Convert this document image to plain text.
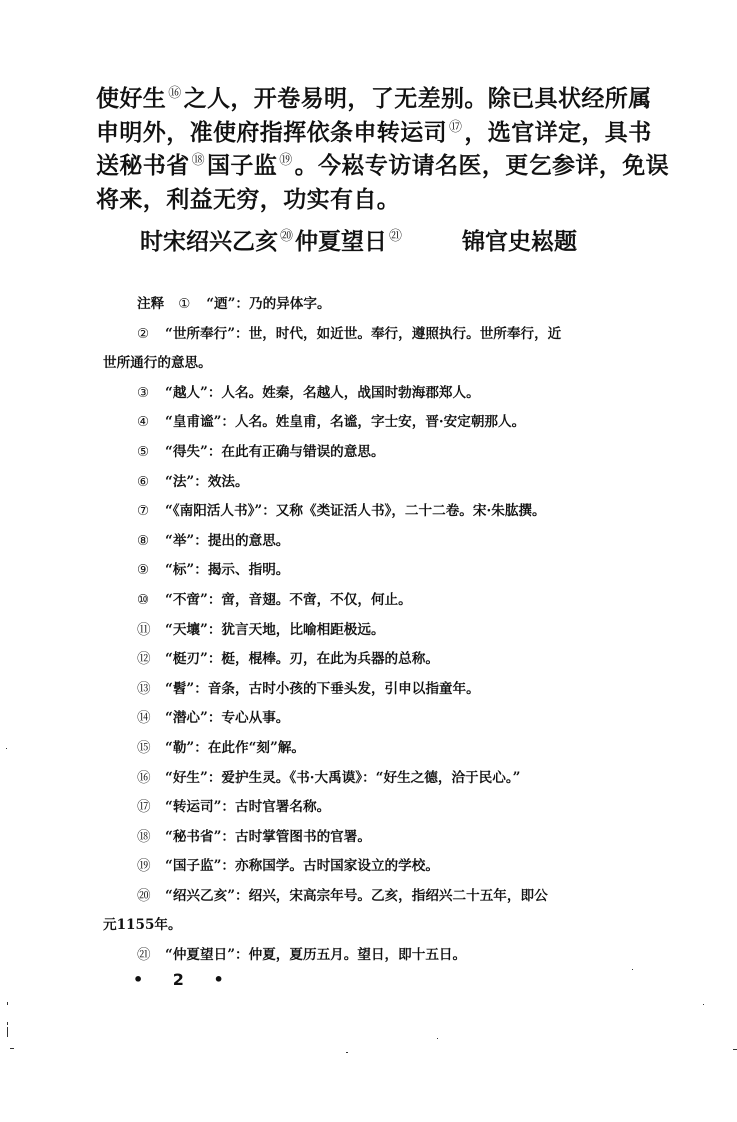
使好生 ⑯之人，开卷易明，了无差别。除已具状经所属
申明外，准使府指挥依条申转运司 ⑰，选官详定，具书
送秘书省 ⑱国子监 ⑲。今崧专访请名医，更乞参详，免误
将来，利益无穷，功实有自。
时宋绍兴乙亥 ⑳仲夏望日 $^㉑$	锦官史崧题
注释 ① “迺”：乃的异体字。
② “世所奉行”：世，时代，如近世。奉行，遵照执行。世所奉行，近
世所通行的意思。
③ “越人”：人名。姓秦，名越人，战国时勃海郡郑人。
④ “皇甫谧”：人名。姓皇甫，名谧，字士安，晋·安定朝那人。
⑤ “得失”：在此有正确与错误的意思。
⑥ “法”：效法。
⑦ “《南阳活人书》”：又称《类证活人书》，二十二卷。宋·朱肱撰。
⑧ “举”：提出的意思。
⑨ “标”：揭示、指明。
⑩ “不啻”：啻，音翅。不啻，不仅，何止。
⑪ “天壤”：犹言天地，比喻相距极远。
⑫ “梃刃”：梃，棍棒。刃，在此为兵器的总称。
⑬ “髫”：音条，古时小孩的下垂头发，引申以指童年。
⑭ “潜心”：专心从事。
⑮ “勒”：在此作“刻”解。
⑯ “好生”：爱护生灵。《书·大禹谟》：“好生之德，洽于民心。”
⑰ “转运司”：古时官署名称。
⑱ “秘书省”：古时掌管图书的官署。
⑲ “国子监”：亦称国学。古时国家设立的学校。
⑳ “绍兴乙亥”：绍兴，宋高宗年号。乙亥，指绍兴二十五年，即公
元1155年。
㉑ “仲夏望日”：仲夏，夏历五月。望日，即十五日。
• 2 •
